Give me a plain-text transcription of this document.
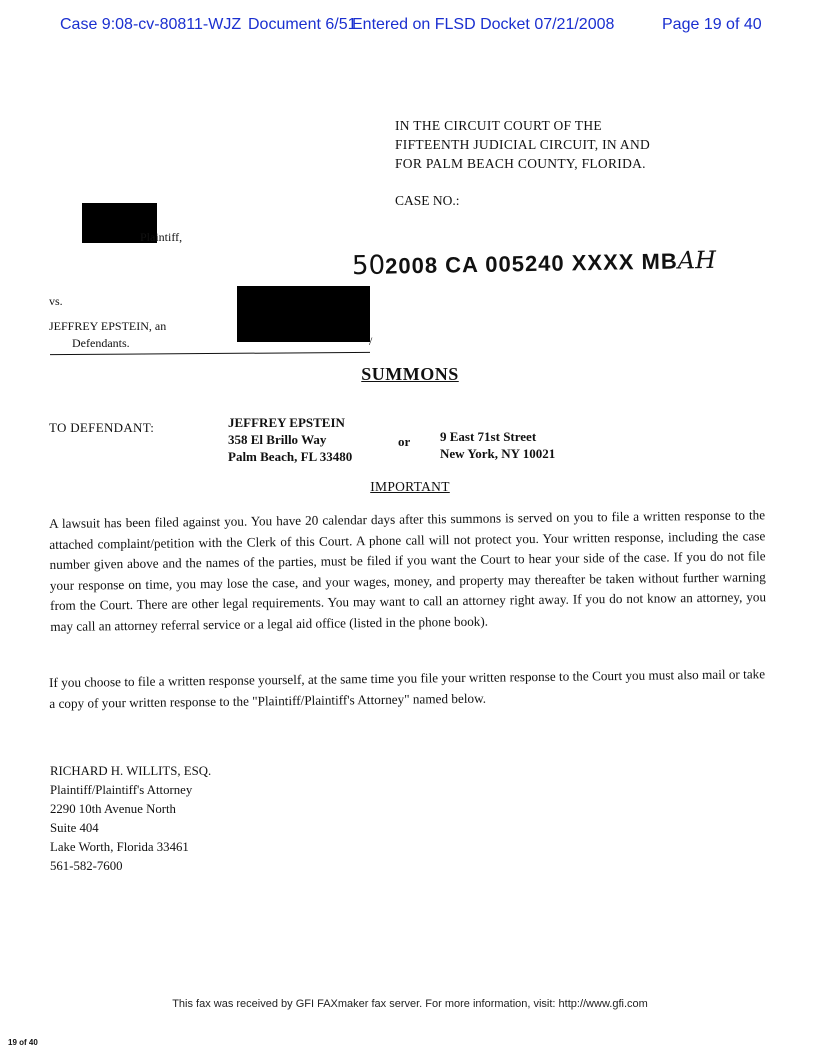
Case 9:08-cv-80811-WJZ Document 6/51
Entered on FLSD Docket 07/21/2008	Page 19 of 40
IN THE CIRCUIT COURT OF THE
FIFTEENTH JUDICIAL CIRCUIT, IN AND
FOR PALM BEACH COUNTY, FLORIDA.
CASE NO.:
Plaintiff,
502008 CA 005240 XXXX MBAH
vs.
JEFFREY EPSTEIN, an
Defendants.	/
SUMMONS
TO DEFENDANT:	JEFFREY EPSTEIN
358 El Brillo Way
Palm Beach, FL 33480
or 9 East 71st Street
New York, NY 10021
IMPORTANT
A lawsuit has been filed against you. You have 20 calendar days after this summons is served on you to file a written response to the attached complaint/petition with the Clerk of this Court. A phone call will not protect you. Your written response, including the case number given above and the names of the parties, must be filed if you want the Court to hear your side of the case. If you do not file your response on time, you may lose the case, and your wages, money, and property may thereafter be taken without further warning from the Court. There are other legal requirements. You may want to call an attorney right away. If you do not know an attorney, you may call an attorney referral service or a legal aid office (listed in the phone book).
If you choose to file a written response yourself, at the same time you file your written response to the Court you must also mail or take a copy of your written response to the "Plaintiff/Plaintiff's Attorney" named below.
RICHARD H. WILLITS, ESQ.
Plaintiff/Plaintiff's Attorney
2290 10th Avenue North
Suite 404
Lake Worth, Florida 33461
561-582-7600
This fax was received by GFI FAXmaker fax server. For more information, visit: http://www.gfi.com
19 of 40
